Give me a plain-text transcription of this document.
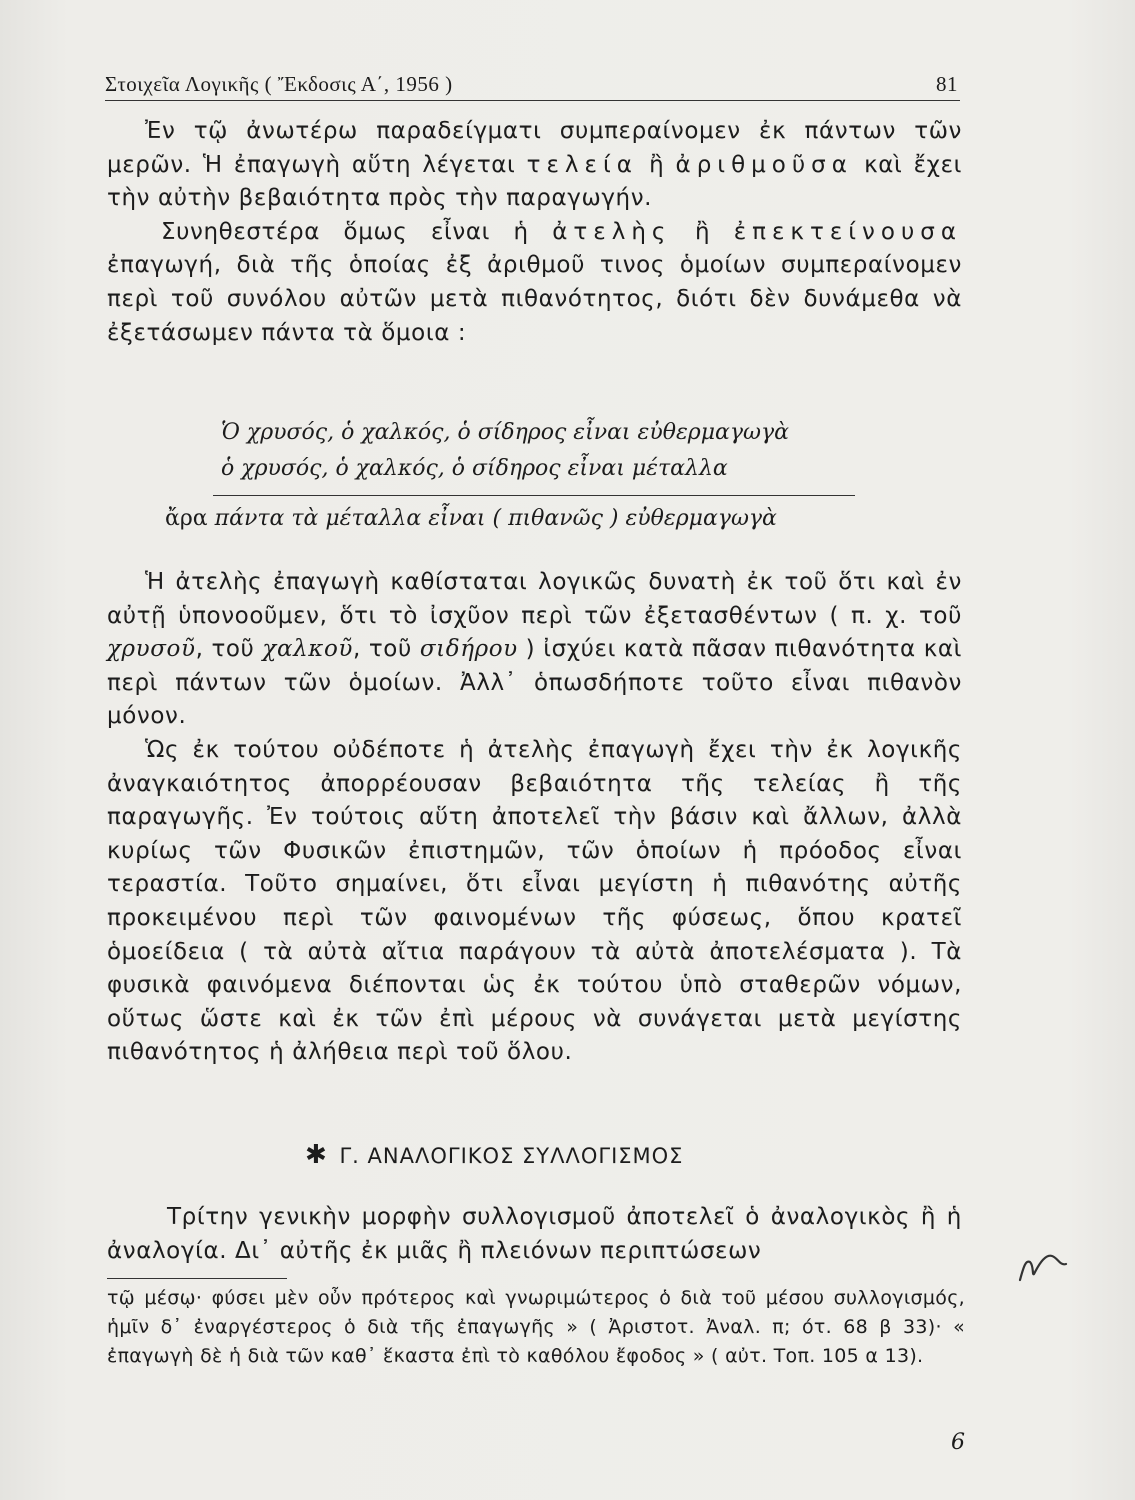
Στοιχεῖα Λογικῆς ( Ἔκδοσις Α΄, 1956 )	81

Ἐν τῷ ἀνωτέρω παραδείγματι συμπεραίνομεν ἐκ πάντων τῶν μερῶν. Ἡ ἐπαγωγὴ αὕτη λέγεται τελεία ἢ ἀριθμοῦσα καὶ ἔχει τὴν αὐτὴν βεβαιότητα πρὸς τὴν παραγωγήν.

Συνηθεστέρα ὅμως εἶναι ἡ ἀτελὴς ἢ ἐπεκτείνουσα ἐπαγωγή, διὰ τῆς ὁποίας ἐξ ἀριθμοῦ τινος ὁμοίων συμπεραίνομεν περὶ τοῦ συνόλου αὐτῶν μετὰ πιθανότητος, διότι δὲν δυνάμεθα νὰ ἐξετάσωμεν πάντα τὰ ὅμοια :

Ὁ χρυσός, ὁ χαλκός, ὁ σίδηρος εἶναι εὐθερμαγωγὰ
ὁ χρυσός, ὁ χαλκός, ὁ σίδηρος εἶναι μέταλλα
ἄρα πάντα τὰ μέταλλα εἶναι ( πιθανῶς ) εὐθερμαγωγὰ

Ἡ ἀτελὴς ἐπαγωγὴ καθίσταται λογικῶς δυνατὴ ἐκ τοῦ ὅτι καὶ ἐν αὐτῇ ὑπονοοῦμεν, ὅτι τὸ ἰσχῦον περὶ τῶν ἐξετασθέντων ( π. χ. τοῦ χρυσοῦ, τοῦ χαλκοῦ, τοῦ σιδήρου ) ἰσχύει κατὰ πᾶσαν πιθανότητα καὶ περὶ πάντων τῶν ὁμοίων. Ἀλλ᾽ ὁπωσδήποτε τοῦτο εἶναι πιθανὸν μόνον.

Ὡς ἐκ τούτου οὐδέποτε ἡ ἀτελὴς ἐπαγωγὴ ἔχει τὴν ἐκ λογικῆς ἀναγκαιότητος ἀπορρέουσαν βεβαιότητα τῆς τελείας ἢ τῆς παραγωγῆς. Ἐν τούτοις αὕτη ἀποτελεῖ τὴν βάσιν καὶ ἄλλων, ἀλλὰ κυρίως τῶν Φυσικῶν ἐπιστημῶν, τῶν ὁποίων ἡ πρόοδος εἶναι τεραστία. Τοῦτο σημαίνει, ὅτι εἶναι μεγίστη ἡ πιθανότης αὐτῆς προκειμένου περὶ τῶν φαινομένων τῆς φύσεως, ὅπου κρατεῖ ὁμοείδεια ( τὰ αὐτὰ αἴτια παράγουν τὰ αὐτὰ ἀποτελέσματα ). Τὰ φυσικὰ φαινόμενα διέπονται ὡς ἐκ τούτου ὑπὸ σταθερῶν νόμων, οὕτως ὥστε καὶ ἐκ τῶν ἐπὶ μέρους νὰ συνάγεται μετὰ μεγίστης πιθανότητος ἡ ἀλήθεια περὶ τοῦ ὅλου.

✱ Γ. ΑΝΑΛΟΓΙΚΟΣ ΣΥΛΛΟΓΙΣΜΟΣ

Τρίτην γενικὴν μορφὴν συλλογισμοῦ ἀποτελεῖ ὁ ἀναλογικὸς ἢ ἡ ἀναλογία. Δι᾽ αὐτῆς ἐκ μιᾶς ἢ πλειόνων περιπτώσεων

τῷ μέσῳ· φύσει μὲν οὖν πρότερος καὶ γνωριμώτερος ὁ διὰ τοῦ μέσου συλλογισμός, ἡμῖν δ᾽ ἐναργέστερος ὁ διὰ τῆς ἐπαγωγῆς » ( Ἀριστοτ. Ἀναλ. π; ότ. 68 β 33)· « ἐπαγωγὴ δὲ ἡ διὰ τῶν καθ᾽ ἕκαστα ἐπὶ τὸ καθόλου ἔφοδος » ( αὐτ. Τοπ. 105 α 13).

6
